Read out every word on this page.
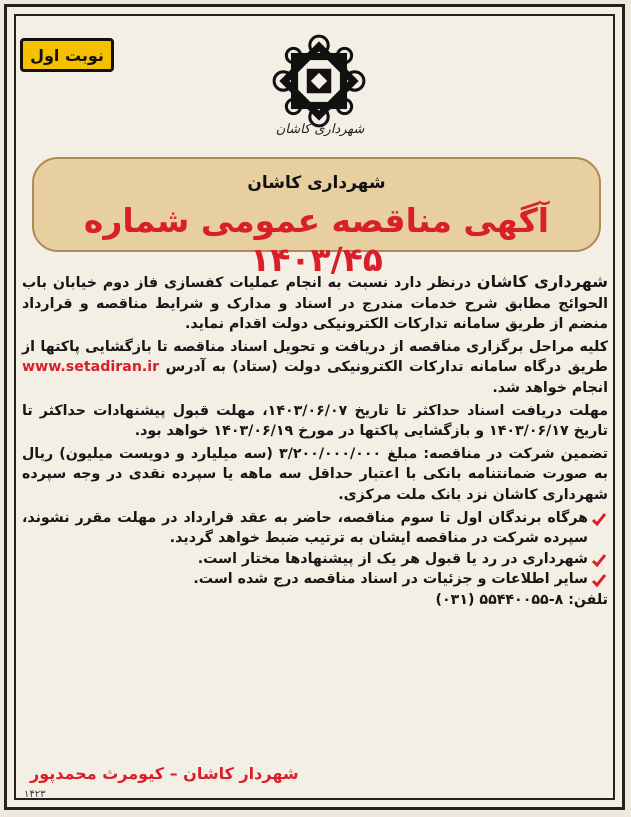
نوبت اول
شهرداری کاشان
شهرداری کاشان
آگهی مناقصه عمومی شماره ۱۴۰۳/۴۵

شهرداری کاشان درنظر دارد نسبت به انجام عملیات کفسازی فاز دوم خیابان باب الحوائج مطابق شرح خدمات مندرج در اسناد و مدارک و شرایط مناقصه و قرارداد منضم از طریق سامانه تدارکات الکترونیکی دولت اقدام نماید.

کلیه مراحل برگزاری مناقصه از دریافت و تحویل اسناد مناقصه تا بازگشایی پاکتها از طریق درگاه سامانه تدارکات الکترونیکی دولت (ستاد) به آدرس www.setadiran.ir انجام خواهد شد.

مهلت دریافت اسناد حداکثر تا تاریخ ۱۴۰۳/۰۶/۰۷، مهلت قبول پیشنهادات حداکثر تا تاریخ ۱۴۰۳/۰۶/۱۷ و بازگشایی پاکتها در مورخ ۱۴۰۳/۰۶/۱۹ خواهد بود.

تضمین شرکت در مناقصه: مبلغ ۳/۲۰۰/۰۰۰/۰۰۰ (سه میلیارد و دویست میلیون) ریال به صورت ضمانتنامه بانکی با اعتبار حداقل سه ماهه یا سپرده نقدی در وجه سپرده شهرداری کاشان نزد بانک ملت مرکزی.

هرگاه برندگان اول تا سوم مناقصه، حاضر به عقد قرارداد در مهلت مقرر نشوند، سپرده شرکت در مناقصه ایشان به ترتیب ضبط خواهد گردید.
شهرداری در رد یا قبول هر یک از پیشنهادها مختار است.
سایر اطلاعات و جزئیات در اسناد مناقصه درج شده است.
تلفن: ۸-۵۵۴۴۰۰۵۵ (۰۳۱)
شهردار کاشان – کیومرث محمدپور
۱۴۲۳
